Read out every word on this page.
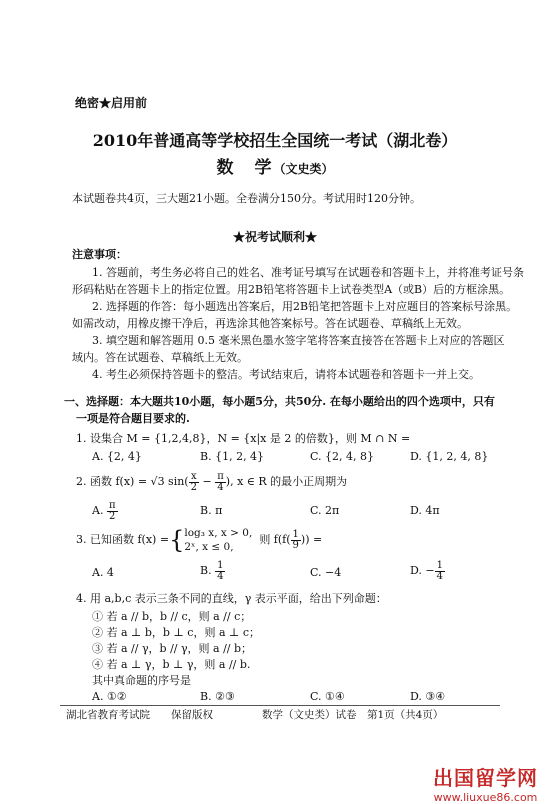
绝密★启用前
2010年普通高等学校招生全国统一考试（湖北卷）
数　学（文史类）
本试题卷共4页，三大题21小题。全卷满分150分。考试用时120分钟。
★祝考试顺利★
注意事项：
1. 答题前，考生务必将自己的姓名、准考证号填写在试题卷和答题卡上，并将准考证号条
形码粘贴在答题卡上的指定位置。用2B铅笔将答题卡上试卷类型A（或B）后的方框涂黑。
2. 选择题的作答：每小题选出答案后，用2B铅笔把答题卡上对应题目的答案标号涂黑。
如需改动，用橡皮擦干净后，再选涂其他答案标号。答在试题卷、草稿纸上无效。
3. 填空题和解答题用 0.5 毫米黑色墨水签字笔将答案直接答在答题卡上对应的答题区
域内。答在试题卷、草稿纸上无效。
4. 考生必须保持答题卡的整洁。考试结束后，请将本试题卷和答题卡一并上交。
一、选择题：本大题共10小题，每小题5分，共50分. 在每小题给出的四个选项中，只有
一项是符合题目要求的.
1. 设集合 M = {1,2,4,8}，N = {x|x 是 2 的倍数}，则 M ∩ N =
A. {2, 4}	B. {1, 2, 4}	C. {2, 4, 8}	D. {1, 2, 4, 8}
2. 函数 f(x) = √3 $\sin( \frac{x}{2} - \frac{\pi}{4}$ ), x ∈ R 的最小正周期为
A. $\frac{\pi}{2}$	B. π	C. 2π	D. 4π
3. 已知函数 f(x) ={ log₃ x, x > 0,
2ˣ, x ≤ 0,
则 $f(f( \frac{1}{9}$ )) =
A. 4	B. $\frac{1}{4}$	C. −4	D. − $\frac{1}{4}$
4. 用 a,b,c 表示三条不同的直线，γ 表示平面，给出下列命题：
① 若 a // b，b // c，则 a // c；
② 若 a ⊥ b，b ⊥ c，则 a ⊥ c；
③ 若 a // γ，b // γ，则 a // b；
④ 若 a ⊥ γ，b ⊥ γ，则 a // b.
其中真命题的序号是
A. ①②	B. ②③	C. ①④	D. ③④
湖北省教育考试院　　保留版权	数学（文史类）试卷　第1页（共4页）
出国留学网
www.liuxue86.com
